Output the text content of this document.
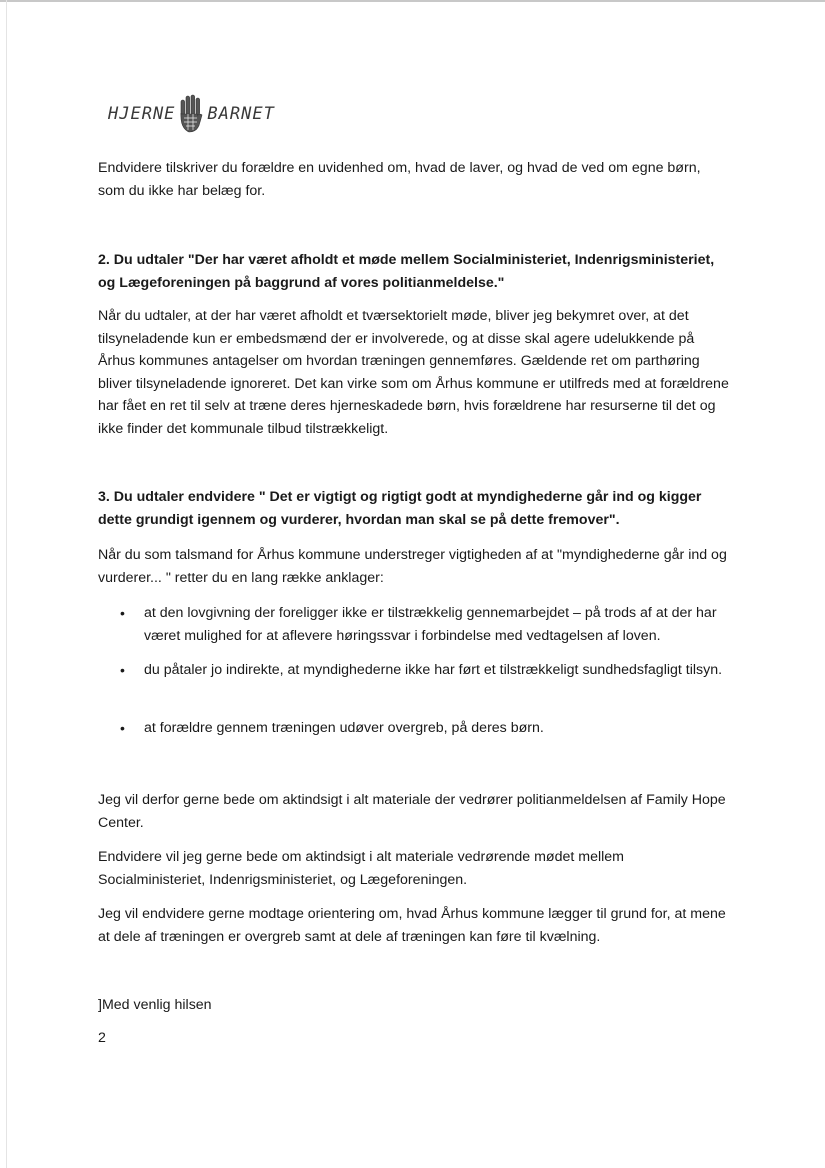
HJERNE BARNET
Endvidere tilskriver du forældre en uvidenhed om, hvad de laver, og hvad de ved om egne børn, som du ikke har belæg for.
2. Du udtaler "Der har været afholdt et møde mellem Socialministeriet, Indenrigsministeriet, og Lægeforeningen på baggrund af vores politianmeldelse."
Når du udtaler, at der har været afholdt et tværsektorielt møde, bliver jeg bekymret over, at det tilsyneladende kun er embedsmænd der er involverede, og at disse skal agere udelukkende på Århus kommunes antagelser om hvordan træningen gennemføres. Gældende ret om parthøring bliver tilsyneladende ignoreret. Det kan virke som om Århus kommune er utilfreds med at forældrene har fået en ret til selv at træne deres hjerneskadede børn, hvis forældrene har resurserne til det og ikke finder det kommunale tilbud tilstrækkeligt.
3. Du udtaler endvidere " Det er vigtigt og rigtigt godt at myndighederne går ind og kigger dette grundigt igennem og vurderer, hvordan man skal se på dette fremover".
Når du som talsmand for Århus kommune understreger vigtigheden af at "myndighederne går ind og vurderer... " retter du en lang række anklager:
• at den lovgivning der foreligger ikke er tilstrækkelig gennemarbejdet – på trods af at der har været mulighed for at aflevere høringssvar i forbindelse med vedtagelsen af loven.
• du påtaler jo indirekte, at myndighederne ikke har ført et tilstrækkeligt sundhedsfagligt tilsyn.
• at forældre gennem træningen udøver overgreb, på deres børn.
Jeg vil derfor gerne bede om aktindsigt i alt materiale der vedrører politianmeldelsen af Family Hope Center.
Endvidere vil jeg gerne bede om aktindsigt i alt materiale vedrørende mødet mellem Socialministeriet, Indenrigsministeriet, og Lægeforeningen.
Jeg vil endvidere gerne modtage orientering om, hvad Århus kommune lægger til grund for, at mene at dele af træningen er overgreb samt at dele af træningen kan føre til kvælning.
]Med venlig hilsen
2
